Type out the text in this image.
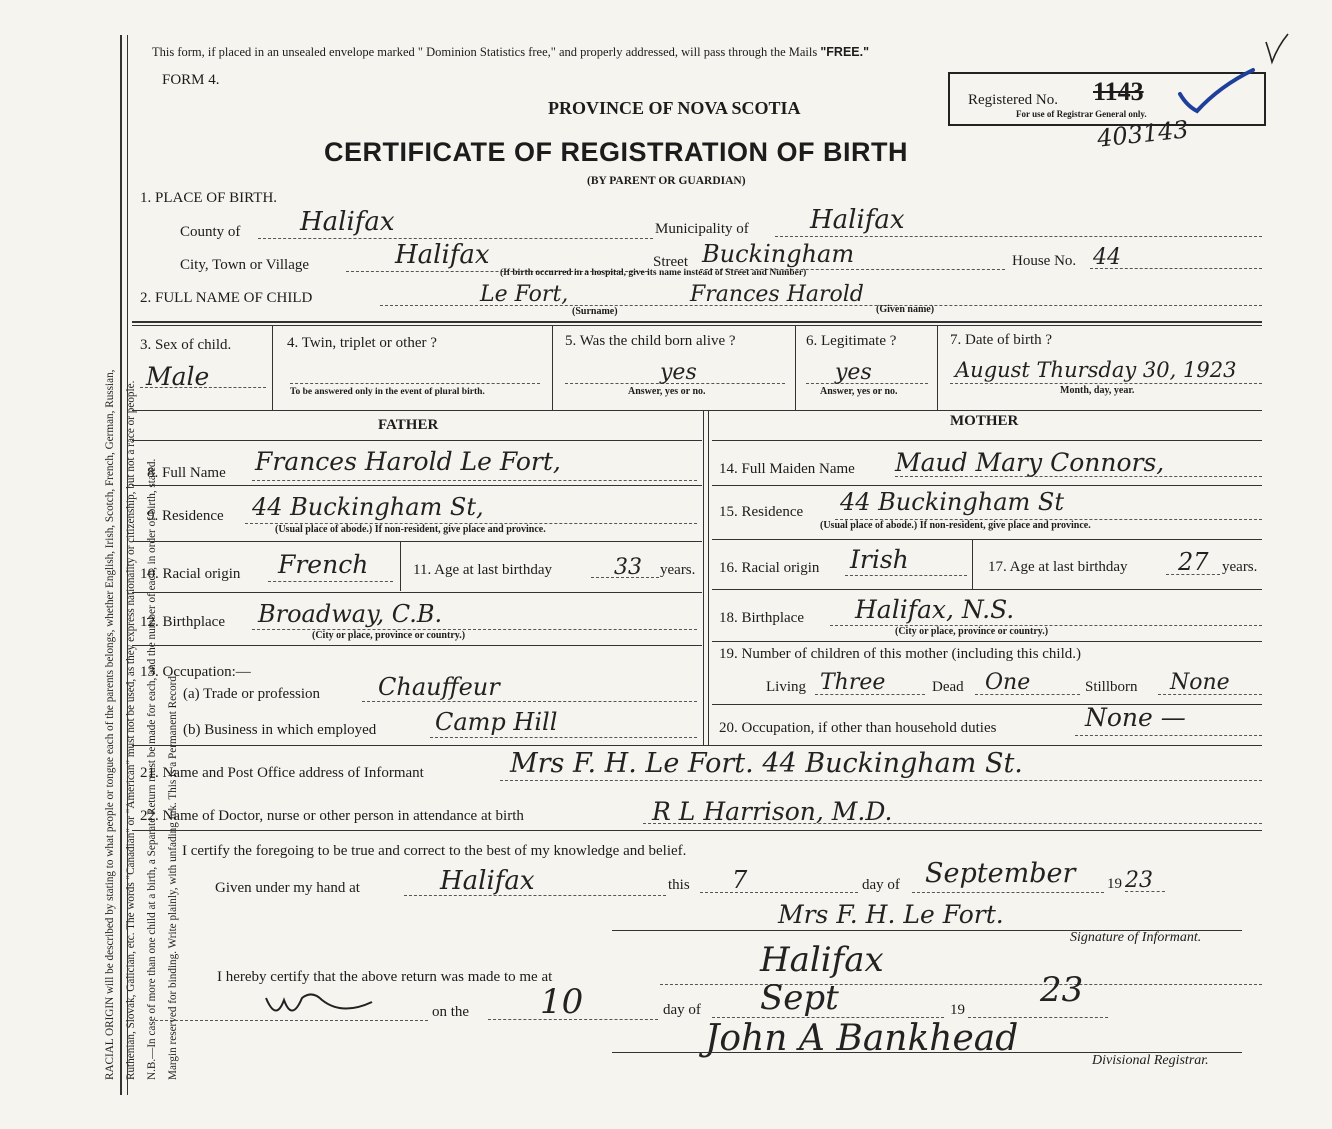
RACIAL ORIGIN will be described by stating to what people or tongue each of the parents belongs, whether English, Irish, Scotch, French, German, Russian, Ruthenian, Slovak, Galician, etc. The words "Canadian" or "American" must not be used, as they express nationality or citizenship, but not a race or people. N.B.—In case of more than one child at a birth, a Separate Return must be made for each, and the number of each, in order of birth, stated. Margin reserved for binding. Write plainly, with unfading ink. This is a Permanent Record.
This form, if placed in an unsealed envelope marked " Dominion Statistics free," and properly addressed, will pass through the Mails "FREE."
FORM 4.
PROVINCE OF NOVA SCOTIA
CERTIFICATE OF REGISTRATION OF BIRTH
(BY PARENT OR GUARDIAN)
Registered No. 1143
For use of Registrar General only.
403143
1. PLACE OF BIRTH.
County of Halifax	Municipality of Halifax
City, Town or Village	Halifax	Street Buckingham
(If birth occurred in a hospital, give its name instead of Street and Number)
House No. 44
2. FULL NAME OF CHILD	Le Fort,	Frances Harold
(Surname)	(Given name)
3. Sex of child.
Male
4. Twin, triplet or other ?
To be answered only in the event of plural birth.
5. Was the child born alive ?
yes
Answer, yes or no.
6. Legitimate ?
yes
Answer, yes or no.
7. Date of birth ?
August Thursday 30, 1923
Month, day, year.
FATHER	MOTHER
8. Full Name Frances Harold Le Fort,	14. Full Maiden Name Maud Mary Connors,
9. Residence 44 Buckingham St,
(Usual place of abode.) If non-resident, give place and province.
15. Residence 44 Buckingham St
(Usual place of abode.) If non-resident, give place and province.
10. Racial origin French	11. Age at last birthday	33 years. 16. Racial origin Irish	17. Age at last birthday 27 years.
12. Birthplace Broadway, C.B.
(City or place, province or country.)
18. Birthplace Halifax, N.S.
(City or place, province or country.)
13. Occupation:—
(a) Trade or profession Chauffeur
(b) Business in which employed Camp Hill
19. Number of children of this mother (including this child.)
Living Three	Dead One	Stillborn None
20. Occupation, if other than household duties	None —
21. Name and Post Office address of Informant	Mrs F. H. Le Fort. 44 Buckingham St.
22. Name of Doctor, nurse or other person in attendance at birth	R L Harrison, M.D.
I certify the foregoing to be true and correct to the best of my knowledge and belief.
Given under my hand at	Halifax	this 7	day of September 19 23
Mrs F. H. Le Fort.
Signature of Informant.
I hereby certify that the above return was made to me at	Halifax
on the 10	day of Sept	19 23
John A Bankhead
Divisional Registrar.
